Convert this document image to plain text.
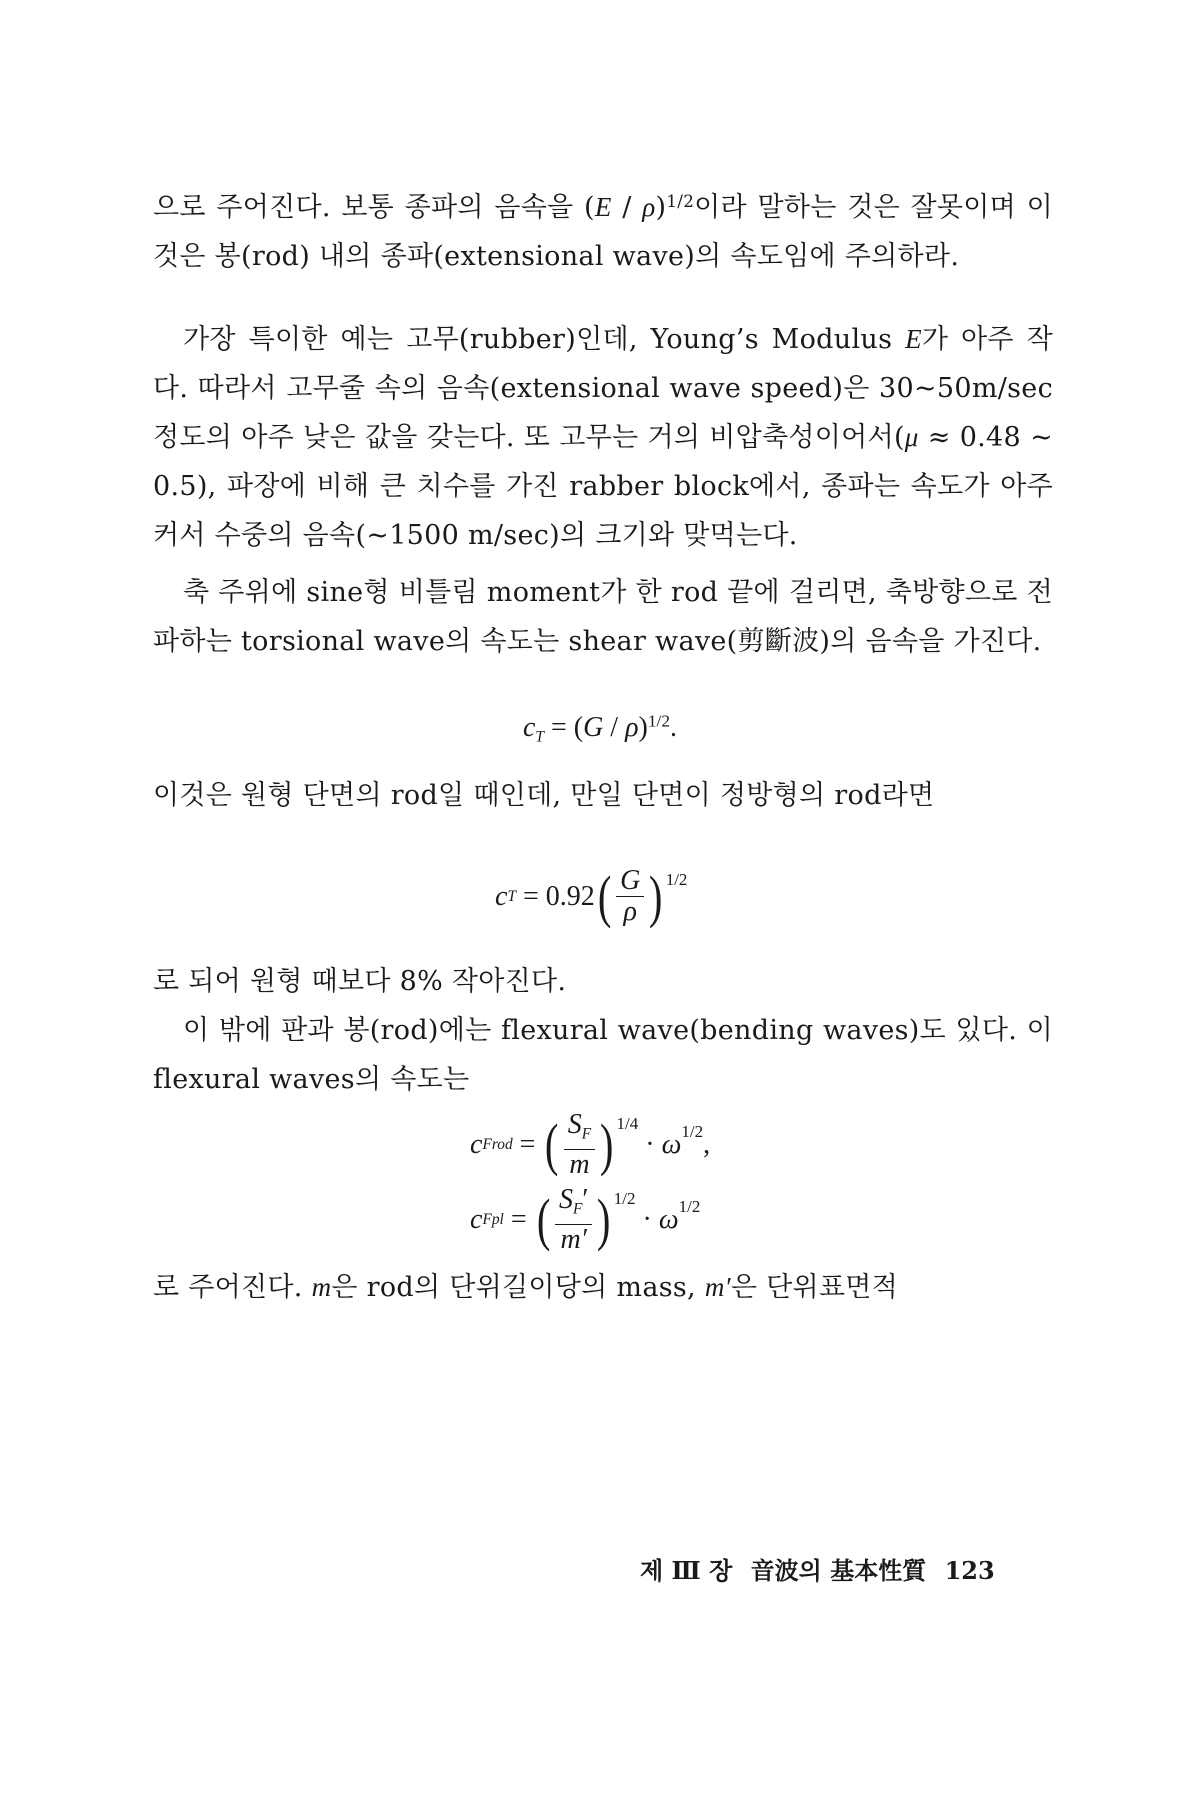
으로 주어진다. 보통 종파의 음속을 (E / ρ)$^{1/2}$이라 말하는 것은 잘못이며 이것은 봉(rod) 내의 종파(extensional wave)의 속도임에 주의하라.
가장 특이한 예는 고무(rubber)인데, Young’s Modulus E가 아주 작다. 따라서 고무줄 속의 음속(extensional wave speed)은 30~50m/sec 정도의 아주 낮은 값을 갖는다. 또 고무는 거의 비압축성이어서(μ ≈ 0.48 ~ 0.5), 파장에 비해 큰 치수를 가진 rabber block에서, 종파는 속도가 아주 커서 수중의 음속(~1500 m/sec)의 크기와 맞먹는다.
축 주위에 sine형 비틀림 moment가 한 rod 끝에 걸리면, 축방향으로 전파하는 torsional wave의 속도는 shear wave(剪斷波)의 음속을 가진다.
$c_T = (G / \rho)^{1/2}$.
이것은 원형 단면의 rod일 때인데, 만일 단면이 정방형의 rod라면
c T = 0.92 ( $\frac{G}{\rho}$ ) 1/2
로 되어 원형 때보다 8% 작아진다.
이 밖에 판과 봉(rod)에는 flexural wave(bending waves)도 있다. 이 flexural waves의 속도는
c Frod = ( $\frac{S_F}{m}$ ) 1/4
· ω 1/2 ,
c Fpl = ( $\frac{S_F'}{m'}$ ) 1/2
· ω 1/2
로 주어진다. m은 rod의 단위길이당의 mass, m′은 단위표면적
제 Ⅲ 장 音波의 基本性質 123
